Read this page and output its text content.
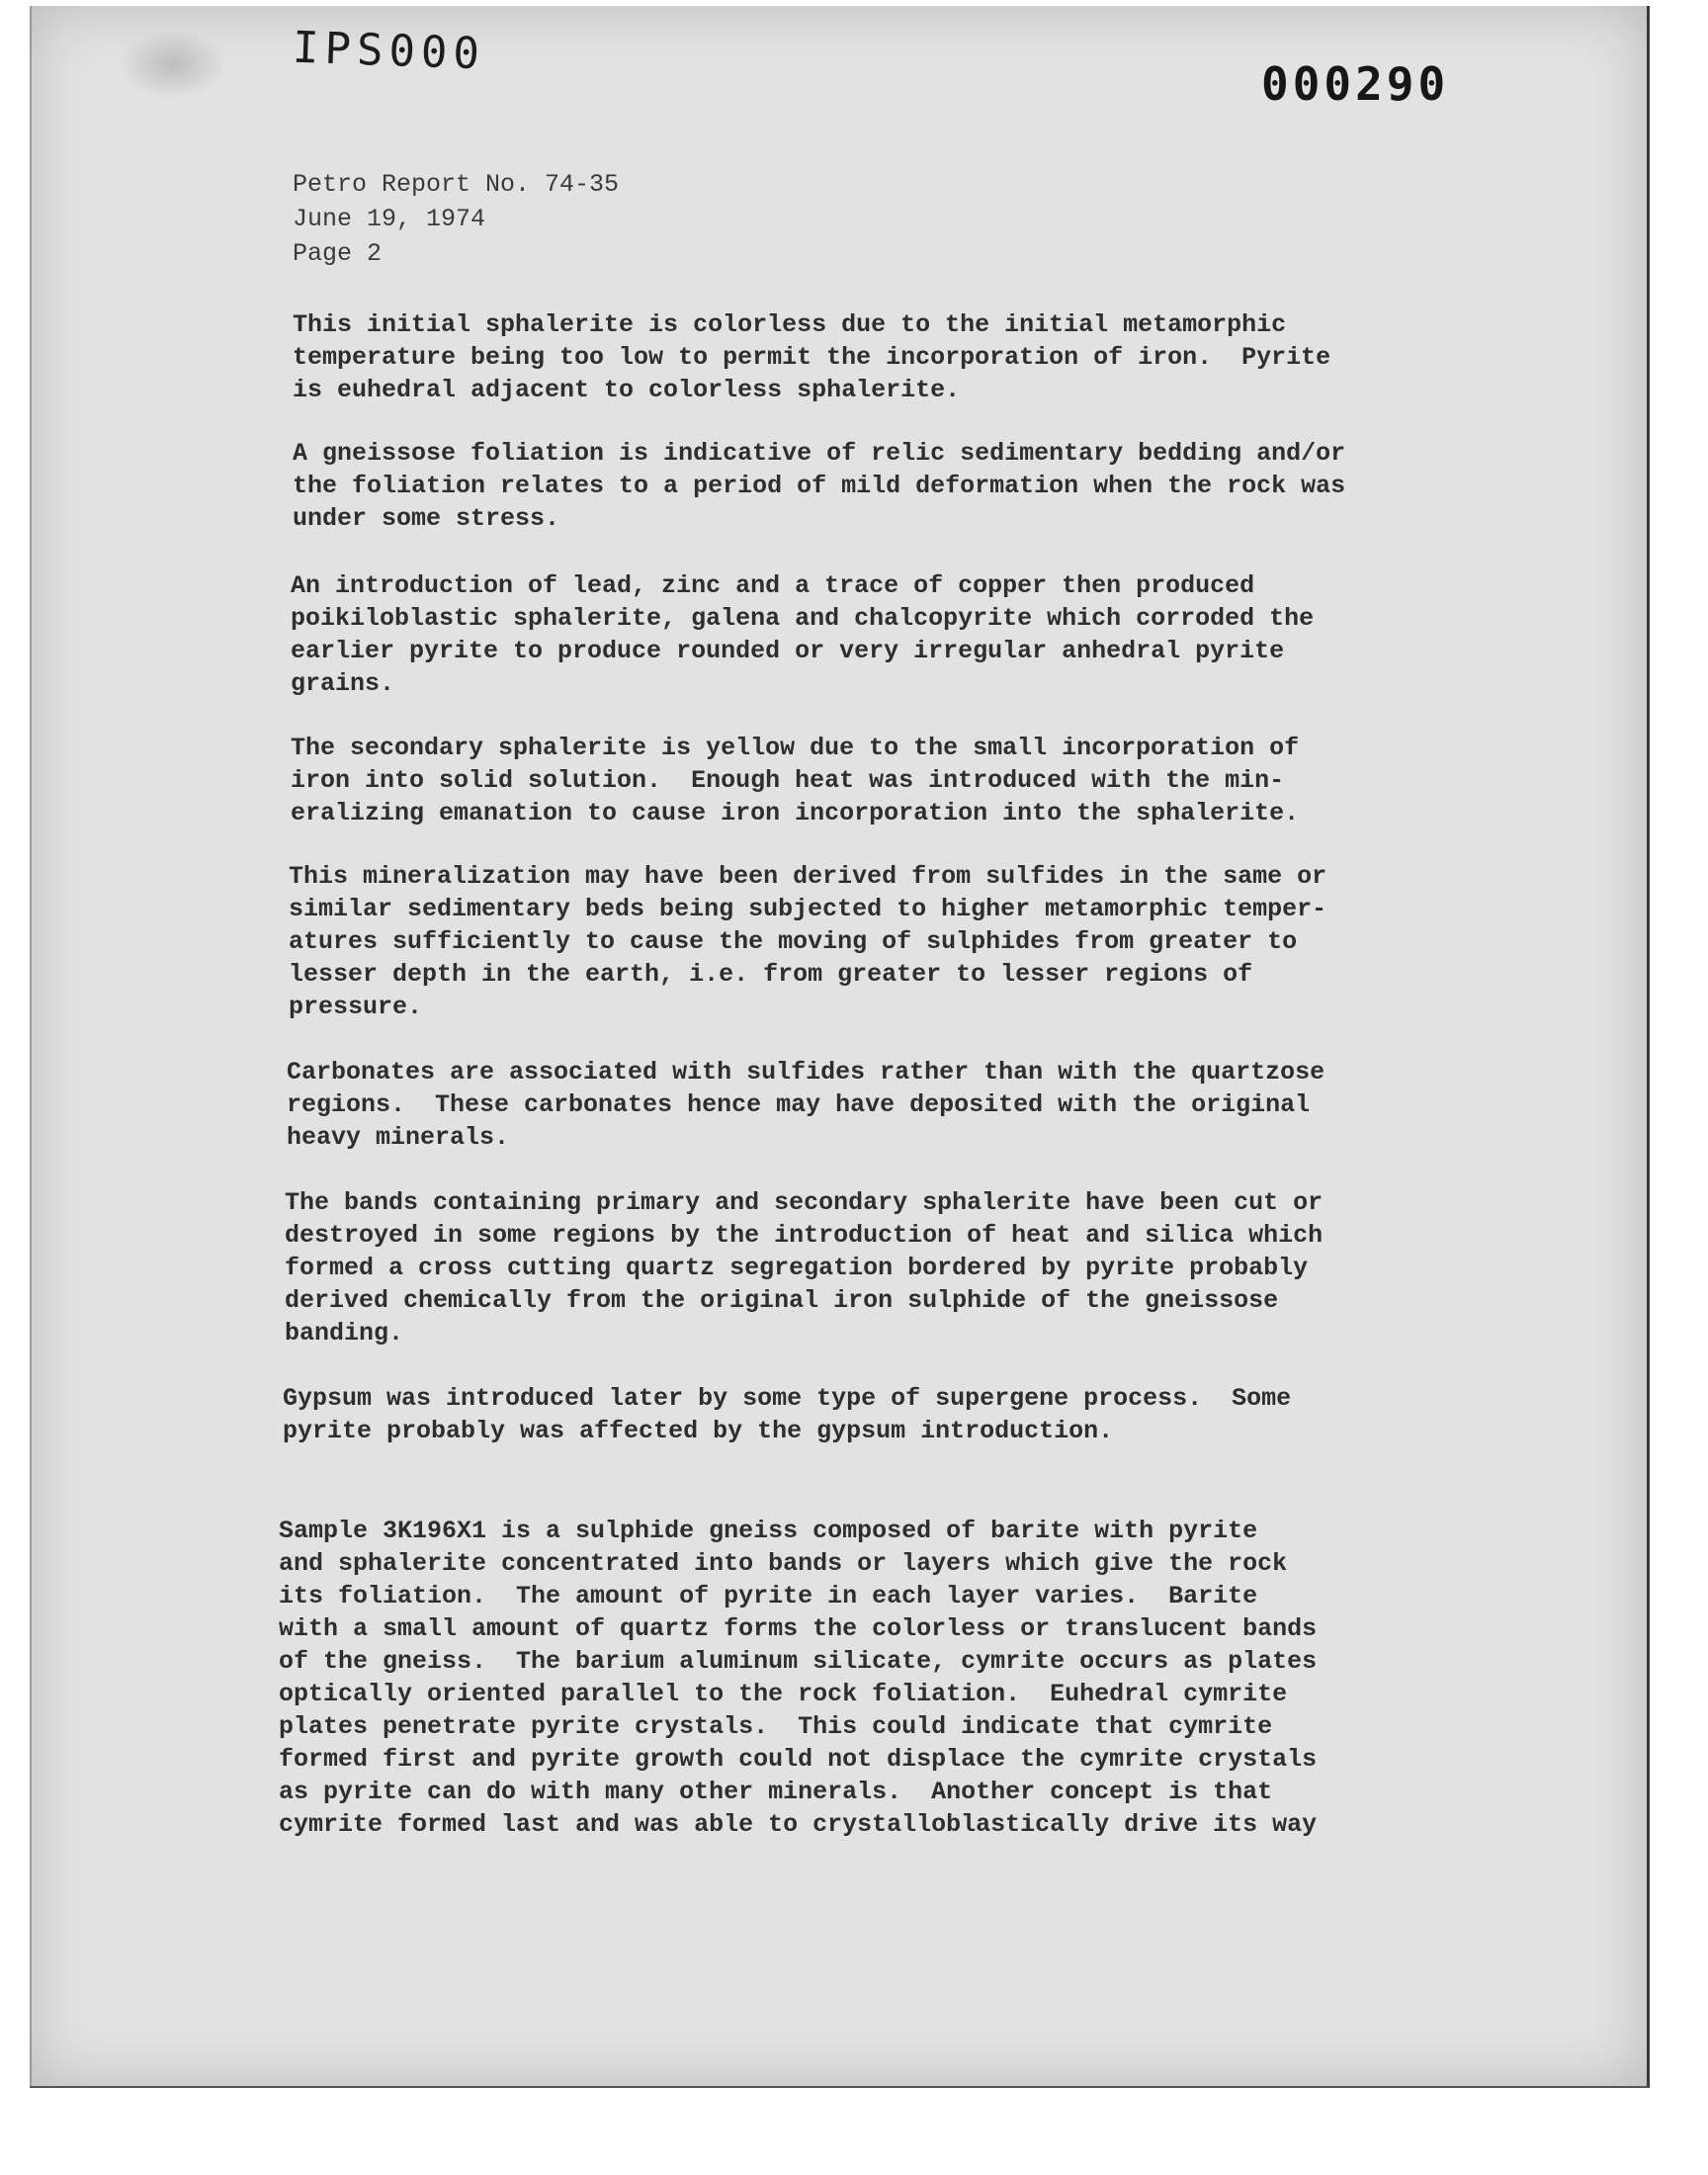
IPS000
000290
Petro Report No. 74-35
June 19, 1974
Page 2
This initial sphalerite is colorless due to the initial metamorphic
temperature being too low to permit the incorporation of iron.  Pyrite
is euhedral adjacent to colorless sphalerite.
A gneissose foliation is indicative of relic sedimentary bedding and/or
the foliation relates to a period of mild deformation when the rock was
under some stress.
An introduction of lead, zinc and a trace of copper then produced
poikiloblastic sphalerite, galena and chalcopyrite which corroded the
earlier pyrite to produce rounded or very irregular anhedral pyrite
grains.
The secondary sphalerite is yellow due to the small incorporation of
iron into solid solution.  Enough heat was introduced with the min-
eralizing emanation to cause iron incorporation into the sphalerite.
This mineralization may have been derived from sulfides in the same or
similar sedimentary beds being subjected to higher metamorphic temper-
atures sufficiently to cause the moving of sulphides from greater to
lesser depth in the earth, i.e. from greater to lesser regions of
pressure.
Carbonates are associated with sulfides rather than with the quartzose
regions.  These carbonates hence may have deposited with the original
heavy minerals.
The bands containing primary and secondary sphalerite have been cut or
destroyed in some regions by the introduction of heat and silica which
formed a cross cutting quartz segregation bordered by pyrite probably
derived chemically from the original iron sulphide of the gneissose
banding.
Gypsum was introduced later by some type of supergene process.  Some
pyrite probably was affected by the gypsum introduction.
Sample 3K196X1 is a sulphide gneiss composed of barite with pyrite
and sphalerite concentrated into bands or layers which give the rock
its foliation.  The amount of pyrite in each layer varies.  Barite
with a small amount of quartz forms the colorless or translucent bands
of the gneiss.  The barium aluminum silicate, cymrite occurs as plates
optically oriented parallel to the rock foliation.  Euhedral cymrite
plates penetrate pyrite crystals.  This could indicate that cymrite
formed first and pyrite growth could not displace the cymrite crystals
as pyrite can do with many other minerals.  Another concept is that
cymrite formed last and was able to crystalloblastically drive its way
